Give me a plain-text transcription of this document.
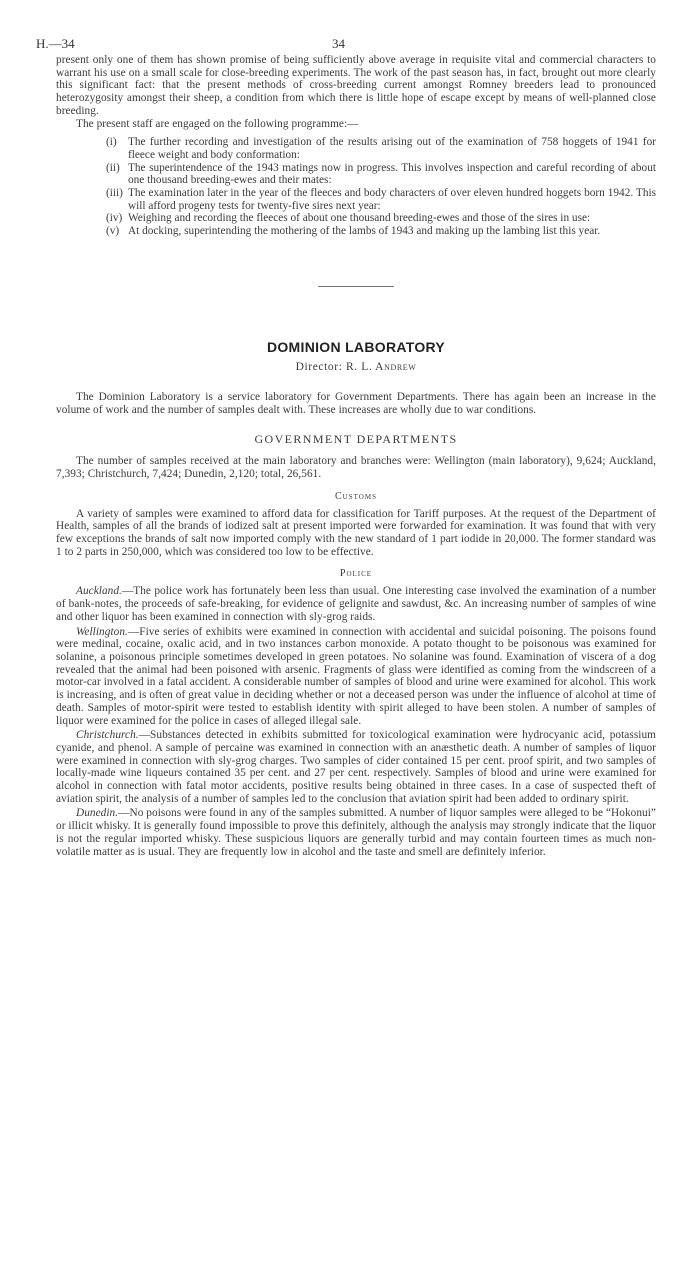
H.—34	34

present only one of them has shown promise of being sufficiently above average in requisite vital and commercial characters to warrant his use on a small scale for close-breeding experiments. The work of the past season has, in fact, brought out more clearly this significant fact: that the present methods of cross-breeding current amongst Romney breeders lead to pronounced heterozygosity amongst their sheep, a condition from which there is little hope of escape except by means of well-planned close breeding.

The present staff are engaged on the following programme:—

(i) The further recording and investigation of the results arising out of the examination of 758 hoggets of 1941 for fleece weight and body conformation:
(ii) The superintendence of the 1943 matings now in progress. This involves inspection and careful recording of about one thousand breeding-ewes and their mates:
(iii) The examination later in the year of the fleeces and body characters of over eleven hundred hoggets born 1942. This will afford progeny tests for twenty-five sires next year:
(iv) Weighing and recording the fleeces of about one thousand breeding-ewes and those of the sires in use:
(v) At docking, superintending the mothering of the lambs of 1943 and making up the lambing list this year.
DOMINION LABORATORY
Director: R. L. Andrew

The Dominion Laboratory is a service laboratory for Government Departments. There has again been an increase in the volume of work and the number of samples dealt with. These increases are wholly due to war conditions.

GOVERNMENT DEPARTMENTS

The number of samples received at the main laboratory and branches were: Wellington (main laboratory), 9,624; Auckland, 7,393; Christchurch, 7,424; Dunedin, 2,120; total, 26,561.

Customs

A variety of samples were examined to afford data for classification for Tariff purposes. At the request of the Department of Health, samples of all the brands of iodized salt at present imported were forwarded for examination. It was found that with very few exceptions the brands of salt now imported comply with the new standard of 1 part iodide in 20,000. The former standard was 1 to 2 parts in 250,000, which was considered too low to be effective.

Police

Auckland.—The police work has fortunately been less than usual. One interesting case involved the examination of a number of bank-notes, the proceeds of safe-breaking, for evidence of gelignite and sawdust, &c. An increasing number of samples of wine and other liquor has been examined in connection with sly-grog raids.

Wellington.—Five series of exhibits were examined in connection with accidental and suicidal poisoning. The poisons found were medinal, cocaine, oxalic acid, and in two instances carbon monoxide. A potato thought to be poisonous was examined for solanine, a poisonous principle sometimes developed in green potatoes. No solanine was found. Examination of viscera of a dog revealed that the animal had been poisoned with arsenic. Fragments of glass were identified as coming from the windscreen of a motor-car involved in a fatal accident. A considerable number of samples of blood and urine were examined for alcohol. This work is increasing, and is often of great value in deciding whether or not a deceased person was under the influence of alcohol at time of death. Samples of motor-spirit were tested to establish identity with spirit alleged to have been stolen. A number of samples of liquor were examined for the police in cases of alleged illegal sale.

Christchurch.—Substances detected in exhibits submitted for toxicological examination were hydrocyanic acid, potassium cyanide, and phenol. A sample of percaine was examined in connection with an anæsthetic death. A number of samples of liquor were examined in connection with sly-grog charges. Two samples of cider contained 15 per cent. proof spirit, and two samples of locally-made wine liqueurs contained 35 per cent. and 27 per cent. respectively. Samples of blood and urine were examined for alcohol in connection with fatal motor accidents, positive results being obtained in three cases. In a case of suspected theft of aviation spirit, the analysis of a number of samples led to the conclusion that aviation spirit had been added to ordinary spirit.

Dunedin.—No poisons were found in any of the samples submitted. A number of liquor samples were alleged to be “Hokonui” or illicit whisky. It is generally found impossible to prove this definitely, although the analysis may strongly indicate that the liquor is not the regular imported whisky. These suspicious liquors are generally turbid and may contain fourteen times as much non-volatile matter as is usual. They are frequently low in alcohol and the taste and smell are definitely inferior.
